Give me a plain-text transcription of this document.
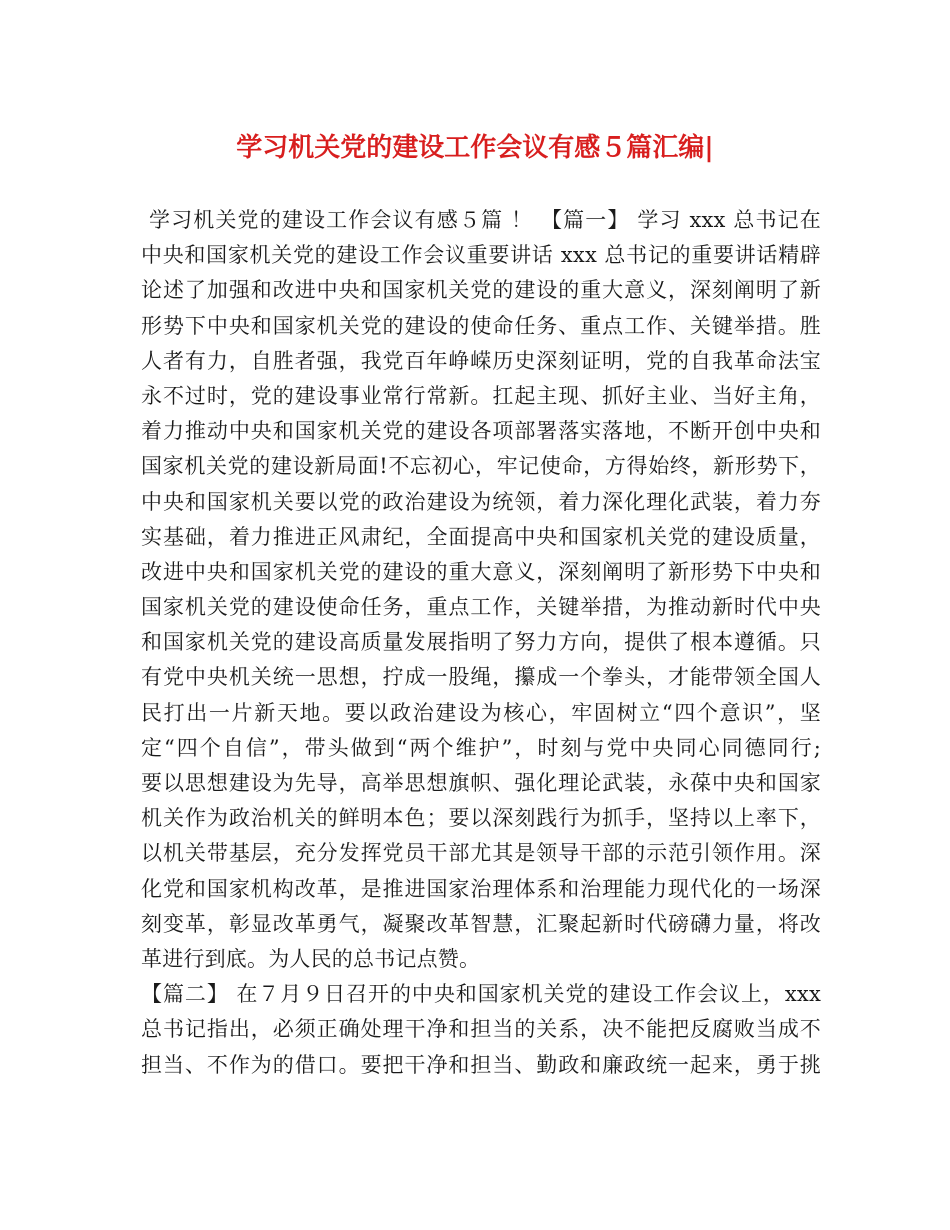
学习机关党的建设工作会议有感５篇汇编|
学习机关党的建设工作会议有感５篇 ！ 【篇一】 学习 xxx 总书记在
中央和国家机关党的建设工作会议重要讲话 xxx 总书记的重要讲话精辟
论述了加强和改进中央和国家机关党的建设的重大意义，深刻阐明了新
形势下中央和国家机关党的建设的使命任务、重点工作、关键举措。胜
人者有力，自胜者强，我党百年峥嵘历史深刻证明，党的自我革命法宝
永不过时，党的建设事业常行常新。扛起主现、抓好主业、当好主角，
着力推动中央和国家机关党的建设各项部署落实落地，不断开创中央和
国家机关党的建设新局面!不忘初心，牢记使命，方得始终，新形势下，
中央和国家机关要以党的政治建设为统领，着力深化理化武装，着力夯
实基础，着力推进正风肃纪，全面提高中央和国家机关党的建设质量，
改进中央和国家机关党的建设的重大意义，深刻阐明了新形势下中央和
国家机关党的建设使命任务，重点工作，关键举措，为推动新时代中央
和国家机关党的建设高质量发展指明了努力方向，提供了根本遵循。只
有党中央机关统一思想，拧成一股绳，攥成一个拳头，才能带领全国人
民打出一片新天地。要以政治建设为核心，牢固树立“四个意识”，坚
定“四个自信”，带头做到“两个维护”，时刻与党中央同心同德同行;
要以思想建设为先导，高举思想旗帜、强化理论武装，永葆中央和国家
机关作为政治机关的鲜明本色；要以深刻践行为抓手，坚持以上率下，
以机关带基层，充分发挥党员干部尤其是领导干部的示范引领作用。深
化党和国家机构改革，是推进国家治理体系和治理能力现代化的一场深
刻变革，彰显改革勇气，凝聚改革智慧，汇聚起新时代磅礴力量，将改
革进行到底。为人民的总书记点赞。
【篇二】 在７月９日召开的中央和国家机关党的建设工作会议上，xxx
总书记指出，必须正确处理干净和担当的关系，决不能把反腐败当成不
担当、不作为的借口。要把干净和担当、勤政和廉政统一起来，勇于挑
